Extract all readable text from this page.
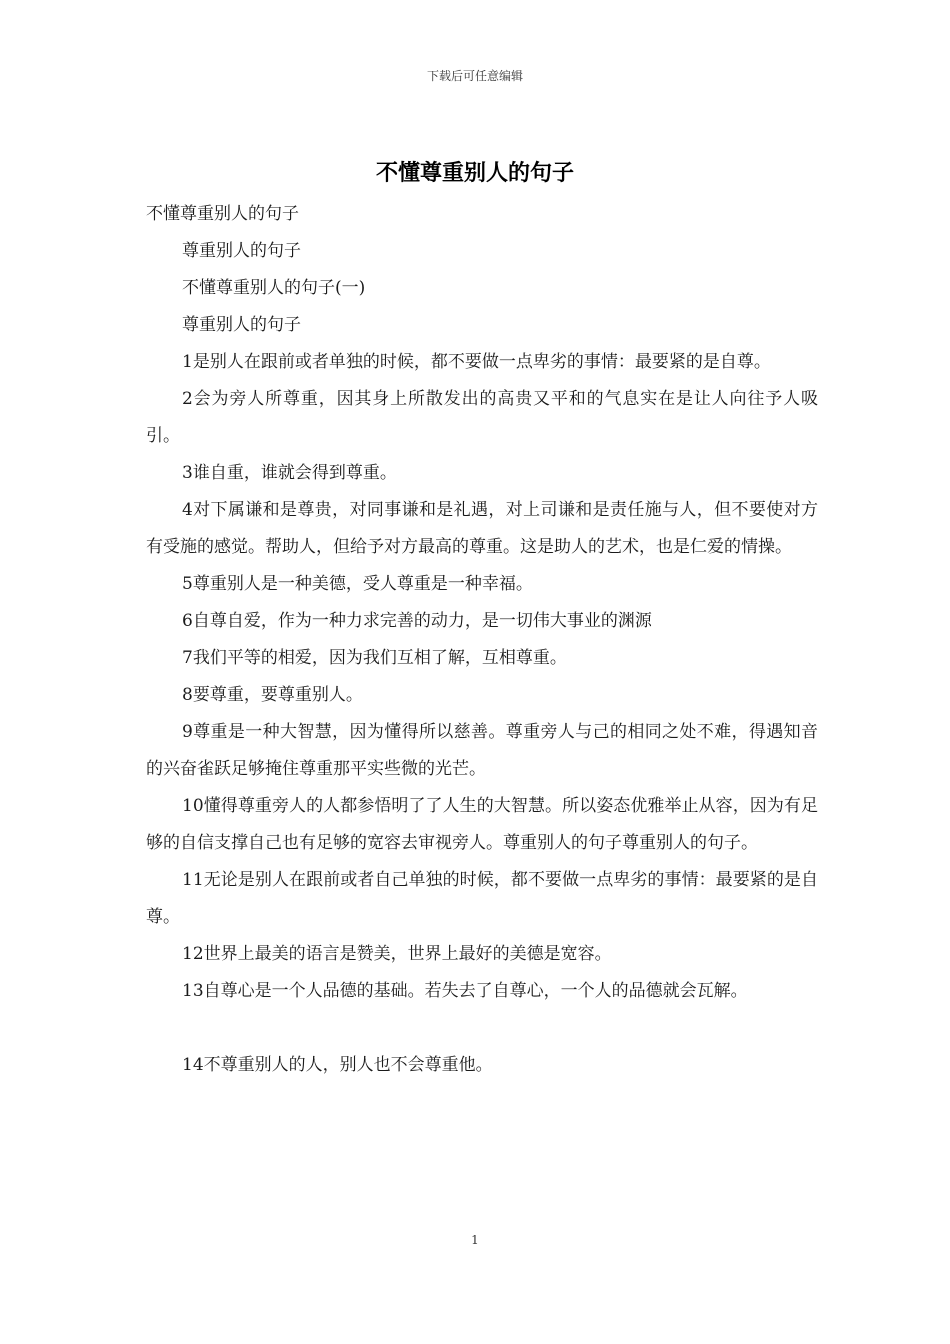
下载后可任意编辑
不懂尊重别人的句子

不懂尊重别人的句子

尊重别人的句子

不懂尊重别人的句子(一)

尊重别人的句子

1是别人在跟前或者单独的时候，都不要做一点卑劣的事情：最要紧的是自尊。

2会为旁人所尊重，因其身上所散发出的高贵又平和的气息实在是让人向往予人吸引。

3谁自重，谁就会得到尊重。

4对下属谦和是尊贵，对同事谦和是礼遇，对上司谦和是责任施与人，但不要使对方有受施的感觉。帮助人，但给予对方最高的尊重。这是助人的艺术，也是仁爱的情操。

5尊重别人是一种美德，受人尊重是一种幸福。

6自尊自爱，作为一种力求完善的动力，是一切伟大事业的渊源

7我们平等的相爱，因为我们互相了解，互相尊重。

8要尊重，要尊重别人。

9尊重是一种大智慧，因为懂得所以慈善。尊重旁人与己的相同之处不难，得遇知音的兴奋雀跃足够掩住尊重那平实些微的光芒。

10懂得尊重旁人的人都参悟明了了人生的大智慧。所以姿态优雅举止从容，因为有足够的自信支撑自己也有足够的宽容去审视旁人。尊重别人的句子尊重别人的句子。

11无论是别人在跟前或者自己单独的时候，都不要做一点卑劣的事情：最要紧的是自尊。

12世界上最美的语言是赞美，世界上最好的美德是宽容。

13自尊心是一个人品德的基础。若失去了自尊心，一个人的品德就会瓦解。

14不尊重别人的人，别人也不会尊重他。

1
